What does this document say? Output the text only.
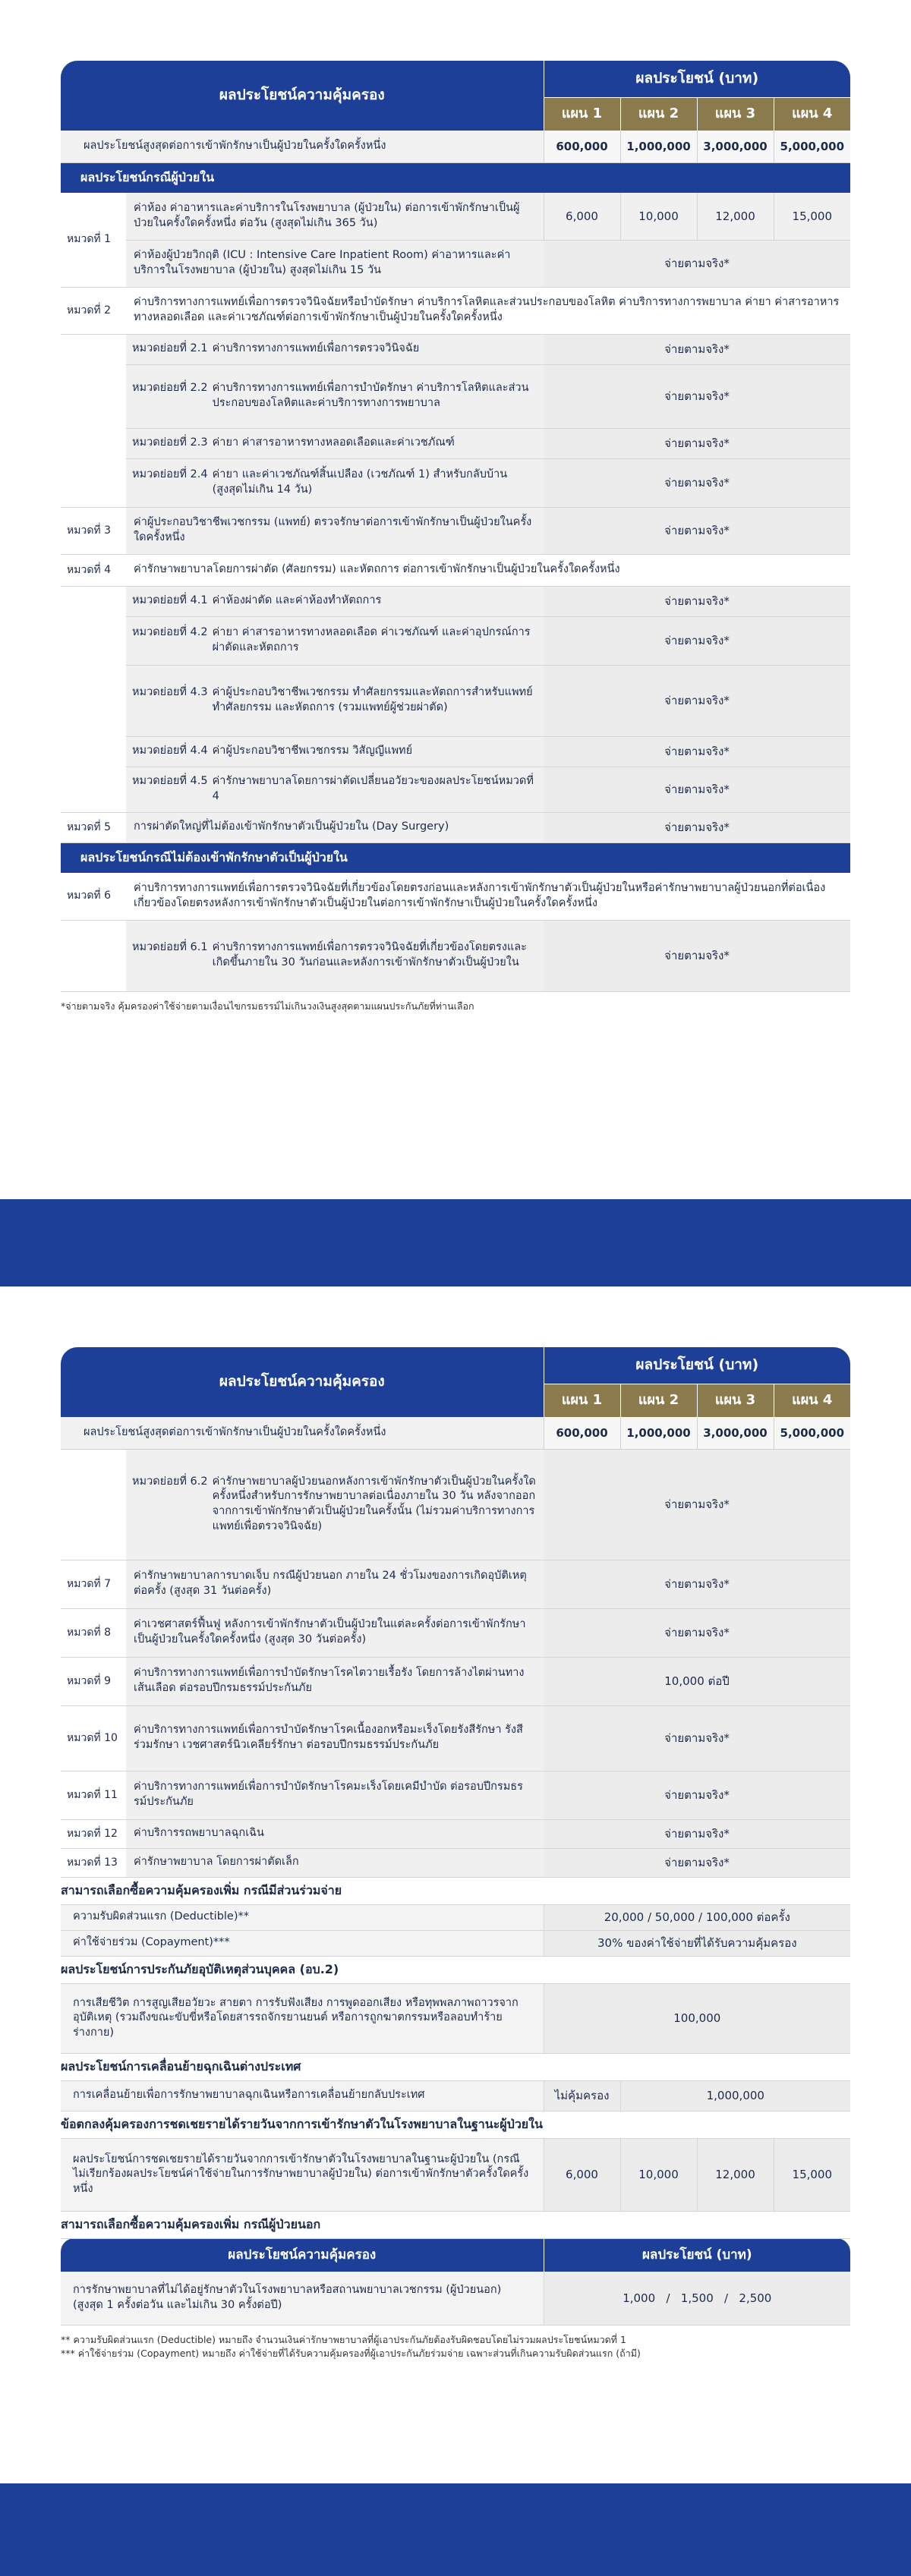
ผลประโยชน์ความคุ้มครอง		ผลประโยชน์ (บาท)			
		แผน 1	แผน 2	แผน 3	แผน 4
ผลประโยชน์สูงสุดต่อการเข้าพักรักษาเป็นผู้ป่วยในครั้งใดครั้งหนึ่ง		600,000	1,000,000	3,000,000	5,000,000
ผลประโยชน์กรณีผู้ป่วยใน					
หมวดที่ 1	ค่าห้อง ค่าอาหารและค่าบริการในโรงพยาบาล (ผู้ป่วยใน) ต่อการเข้าพักรักษาเป็นผู้ป่วยในครั้งใดครั้งหนึ่ง ต่อวัน (สูงสุดไม่เกิน 365 วัน)	6,000	10,000	12,000	15,000
	ค่าห้องผู้ป่วยวิกฤติ (ICU : Intensive Care Inpatient Room) ค่าอาหารและค่าบริการในโรงพยาบาล (ผู้ป่วยใน) สูงสุดไม่เกิน 15 วัน	จ่ายตามจริง*			
หมวดที่ 2	ค่าบริการทางการแพทย์เพื่อการตรวจวินิจฉัยหรือบำบัดรักษา ค่าบริการโลหิตและส่วนประกอบของโลหิต ค่าบริการทางการพยาบาล ค่ายา ค่าสารอาหารทางหลอดเลือด และค่าเวชภัณฑ์ต่อการเข้าพักรักษาเป็นผู้ป่วยในครั้งใดครั้งหนึ่ง				

	หมวดย่อยที่ 2.1 ค่าบริการทางการแพทย์เพื่อการตรวจวินิจฉัย	จ่ายตามจริง*			

	หมวดย่อยที่ 2.2 ค่าบริการทางการแพทย์เพื่อการบำบัดรักษา ค่าบริการโลหิตและส่วนประกอบของโลหิตและค่าบริการทางการพยาบาล	จ่ายตามจริง*			

	หมวดย่อยที่ 2.3 ค่ายา ค่าสารอาหารทางหลอดเลือดและค่าเวชภัณฑ์	จ่ายตามจริง*			

	หมวดย่อยที่ 2.4 ค่ายา และค่าเวชภัณฑ์สิ้นเปลือง (เวชภัณฑ์ 1) สำหรับกลับบ้าน (สูงสุดไม่เกิน 14 วัน)	จ่ายตามจริง*			
หมวดที่ 3	ค่าผู้ประกอบวิชาชีพเวชกรรม (แพทย์) ตรวจรักษาต่อการเข้าพักรักษาเป็นผู้ป่วยในครั้งใดครั้งหนึ่ง	จ่ายตามจริง*			
หมวดที่ 4	ค่ารักษาพยาบาลโดยการผ่าตัด (ศัลยกรรม) และหัตถการ ต่อการเข้าพักรักษาเป็นผู้ป่วยในครั้งใดครั้งหนึ่ง				

	หมวดย่อยที่ 4.1 ค่าห้องผ่าตัด และค่าห้องทำหัตถการ	จ่ายตามจริง*			

	หมวดย่อยที่ 4.2 ค่ายา ค่าสารอาหารทางหลอดเลือด ค่าเวชภัณฑ์ และค่าอุปกรณ์การผ่าตัดและหัตถการ	จ่ายตามจริง*			

	หมวดย่อยที่ 4.3 ค่าผู้ประกอบวิชาชีพเวชกรรม ทำศัลยกรรมและหัตถการสำหรับแพทย์ทำศัลยกรรม และหัตถการ (รวมแพทย์ผู้ช่วยผ่าตัด)	จ่ายตามจริง*			

	หมวดย่อยที่ 4.4 ค่าผู้ประกอบวิชาชีพเวชกรรม วิสัญญีแพทย์	จ่ายตามจริง*			

	หมวดย่อยที่ 4.5 ค่ารักษาพยาบาลโดยการผ่าตัดเปลี่ยนอวัยวะของผลประโยชน์หมวดที่ 4	จ่ายตามจริง*			
หมวดที่ 5	การผ่าตัดใหญ่ที่ไม่ต้องเข้าพักรักษาตัวเป็นผู้ป่วยใน (Day Surgery)	จ่ายตามจริง*			
ผลประโยชน์กรณีไม่ต้องเข้าพักรักษาตัวเป็นผู้ป่วยใน					
หมวดที่ 6	ค่าบริการทางการแพทย์เพื่อการตรวจวินิจฉัยที่เกี่ยวข้องโดยตรงก่อนและหลังการเข้าพักรักษาตัวเป็นผู้ป่วยในหรือค่ารักษาพยาบาลผู้ป่วยนอกที่ต่อเนื่องเกี่ยวข้องโดยตรงหลังการเข้าพักรักษาตัวเป็นผู้ป่วยในต่อการเข้าพักรักษาเป็นผู้ป่วยในครั้งใดครั้งหนึ่ง				

	หมวดย่อยที่ 6.1 ค่าบริการทางการแพทย์เพื่อการตรวจวินิจฉัยที่เกี่ยวข้องโดยตรงและเกิดขึ้นภายใน 30 วันก่อนและหลังการเข้าพักรักษาตัวเป็นผู้ป่วยใน	จ่ายตามจริง*			
*จ่ายตามจริง คุ้มครองค่าใช้จ่ายตามเงื่อนไขกรมธรรม์ไม่เกินวงเงินสูงสุดตามแผนประกันภัยที่ท่านเลือก
ผลประโยชน์ความคุ้มครอง		ผลประโยชน์ (บาท)			
		แผน 1	แผน 2	แผน 3	แผน 4
ผลประโยชน์สูงสุดต่อการเข้าพักรักษาเป็นผู้ป่วยในครั้งใดครั้งหนึ่ง		600,000	1,000,000	3,000,000	5,000,000

	หมวดย่อยที่ 6.2 ค่ารักษาพยาบาลผู้ป่วยนอกหลังการเข้าพักรักษาตัวเป็นผู้ป่วยในครั้งใดครั้งหนึ่งสำหรับการรักษาพยาบาลต่อเนื่องภายใน 30 วัน หลังจากออกจากการเข้าพักรักษาตัวเป็นผู้ป่วยในครั้งนั้น (ไม่รวมค่าบริการทางการแพทย์เพื่อตรวจวินิจฉัย)	จ่ายตามจริง*			
หมวดที่ 7	ค่ารักษาพยาบาลการบาดเจ็บ กรณีผู้ป่วยนอก ภายใน 24 ชั่วโมงของการเกิดอุบัติเหตุต่อครั้ง (สูงสุด 31 วันต่อครั้ง)	จ่ายตามจริง*			
หมวดที่ 8	ค่าเวชศาสตร์ฟื้นฟู หลังการเข้าพักรักษาตัวเป็นผู้ป่วยในแต่ละครั้งต่อการเข้าพักรักษาเป็นผู้ป่วยในครั้งใดครั้งหนึ่ง (สูงสุด 30 วันต่อครั้ง)	จ่ายตามจริง*			
หมวดที่ 9	ค่าบริการทางการแพทย์เพื่อการบำบัดรักษาโรคไตวายเรื้อรัง โดยการล้างไตผ่านทางเส้นเลือด ต่อรอบปีกรมธรรม์ประกันภัย	10,000 ต่อปี			
หมวดที่ 10	ค่าบริการทางการแพทย์เพื่อการบำบัดรักษาโรคเนื้องอกหรือมะเร็งโดยรังสีรักษา รังสีร่วมรักษา เวชศาสตร์นิวเคลียร์รักษา ต่อรอบปีกรมธรรม์ประกันภัย	จ่ายตามจริง*			
หมวดที่ 11	ค่าบริการทางการแพทย์เพื่อการบำบัดรักษาโรคมะเร็งโดยเคมีบำบัด ต่อรอบปีกรมธรรม์ประกันภัย	จ่ายตามจริง*			
หมวดที่ 12	ค่าบริการรถพยาบาลฉุกเฉิน	จ่ายตามจริง*			
หมวดที่ 13	ค่ารักษาพยาบาล โดยการผ่าตัดเล็ก	จ่ายตามจริง*			
สามารถเลือกซื้อความคุ้มครองเพิ่ม กรณีมีส่วนร่วมจ่าย					
ความรับผิดส่วนแรก (Deductible)**		20,000 / 50,000 / 100,000 ต่อครั้ง			
ค่าใช้จ่ายร่วม (Copayment)***		30% ของค่าใช้จ่ายที่ได้รับความคุ้มครอง			
ผลประโยชน์การประกันภัยอุบัติเหตุส่วนบุคคล (อบ.2)					
การเสียชีวิต การสูญเสียอวัยวะ สายตา การรับฟังเสียง การพูดออกเสียง หรือทุพพลภาพถาวรจากอุบัติเหตุ (รวมถึงขณะขับขี่หรือโดยสารรถจักรยานยนต์ หรือการถูกฆาตกรรมหรือลอบทำร้ายร่างกาย)		100,000			
ผลประโยชน์การเคลื่อนย้ายฉุกเฉินต่างประเทศ					
การเคลื่อนย้ายเพื่อการรักษาพยาบาลฉุกเฉินหรือการเคลื่อนย้ายกลับประเทศ		ไม่คุ้มครอง	1,000,000		
ข้อตกลงคุ้มครองการชดเชยรายได้รายวันจากการเข้ารักษาตัวในโรงพยาบาลในฐานะผู้ป่วยใน					
ผลประโยชน์การชดเชยรายได้รายวันจากการเข้ารักษาตัวในโรงพยาบาลในฐานะผู้ป่วยใน (กรณีไม่เรียกร้องผลประโยชน์ค่าใช้จ่ายในการรักษาพยาบาลผู้ป่วยใน) ต่อการเข้าพักรักษาตัวครั้งใดครั้งหนึ่ง		6,000	10,000	12,000	15,000
สามารถเลือกซื้อความคุ้มครองเพิ่ม กรณีผู้ป่วยนอก					
ผลประโยชน์ความคุ้มครอง		ผลประโยชน์ (บาท)			
การรักษาพยาบาลที่ไม่ได้อยู่รักษาตัวในโรงพยาบาลหรือสถานพยาบาลเวชกรรม (ผู้ป่วยนอก)(สูงสุด 1 ครั้งต่อวัน และไม่เกิน 30 ครั้งต่อปี)		1,000   /   1,500   /   2,500			
** ความรับผิดส่วนแรก (Deductible) หมายถึง จำนวนเงินค่ารักษาพยาบาลที่ผู้เอาประกันภัยต้องรับผิดชอบโดยไม่รวมผลประโยชน์หมวดที่ 1
*** ค่าใช้จ่ายร่วม (Copayment) หมายถึง ค่าใช้จ่ายที่ได้รับความคุ้มครองที่ผู้เอาประกันภัยร่วมจ่าย เฉพาะส่วนที่เกินความรับผิดส่วนแรก (ถ้ามี)
